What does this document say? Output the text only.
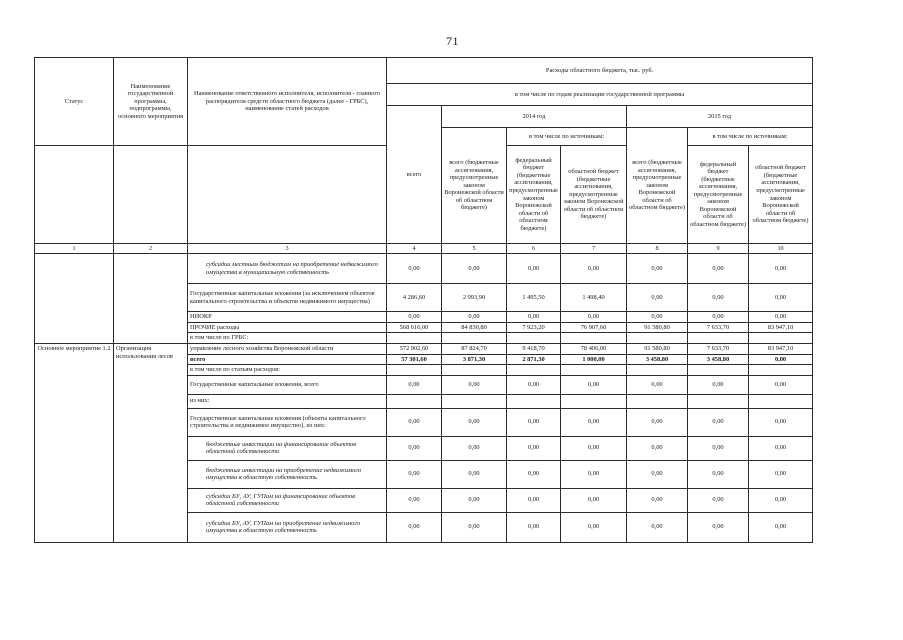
71
Статус	Наименование государственной программы, подпрограммы, основного мероприятия	Наименование ответственного исполнителя, исполнителя - главного распорядителя средств областного бюджета (далее - ГРБС), наименование статей расходов	Расходы областного бюджета, тыс. руб.						
			в том числе по годам реализации государственной программы						
			всего	2014 год			2015 год		
				всего (бюджетные ассигнования, предусмотренные законом Воронежской области об областном бюджете)	в том числе по источникам:		всего (бюджетные ассигнования, предусмотренные законом Воронежской области об областном бюджете)	в том числе по источникам:	
					федеральный бюджет (бюджетные ассигнования, предусмотренные законом Воронежской области об областном бюджете)	областной бюджет (бюджетные ассигнования, предусмотренные законом Воронежской области об областном бюджете)		федеральный бюджет (бюджетные ассигнования, предусмотренные законом Воронежской области об областном бюджете)	областной бюджет (бюджетные ассигнования, предусмотренные законом Воронежской области об областном бюджете)
1	2	3	4	5	6	7	8	9	10
		субсидии местным бюджетам на приобретение недвижимого имущества в муниципальную собственность	0,00	0,00	0,00	0,00	0,00	0,00	0,00
		Государственные капитальные вложения (за исключением объектов капитального строительства и объектов недвижимого имущества)	4 286,60	2 993,90	1 495,50	1 498,40	0,00	0,00	0,00
		НИОКР	0,00	0,00	0,00	0,00	0,00	0,00	0,00
		ПРОЧИЕ расходы	568 616,00	84 830,80	7 923,20	76 907,60	91 580,80	7 633,70	83 947,10
		в том числе по ГРБС:							
Основное мероприятие 1.2	Организация использования лесов	управление лесного хозяйства Воронежской области	572 902,60	87 824,70	9 418,70	78 406,00	91 580,80	7 633,70	83 947,10
		всего	57 301,60	3 871,30	2 871,30	1 000,00	3 458,80	3 458,80	0,00
		в том числе по статьям расходов:							
		Государственные капитальные вложения, всего	0,00	0,00	0,00	0,00	0,00	0,00	0,00
		из них:							
		Государственные капитальные вложения (объекты капитального строительства и недвижимое имущество), из них:	0,00	0,00	0,00	0,00	0,00	0,00	0,00
		бюджетные инвестиции на финансирование объектов областной собственности	0,00	0,00	0,00	0,00	0,00	0,00	0,00
		бюджетные инвестиции на приобретение недвижимого имущества в областную собственность	0,00	0,00	0,00	0,00	0,00	0,00	0,00
		субсидии БУ, АУ, ГУПам на финансирование объектов областной собственности	0,00	0,00	0,00	0,00	0,00	0,00	0,00
		субсидии БУ, АУ, ГУПам на приобретение недвижимого имущества в областную собственность	0,00	0,00	0,00	0,00	0,00	0,00	0,00
